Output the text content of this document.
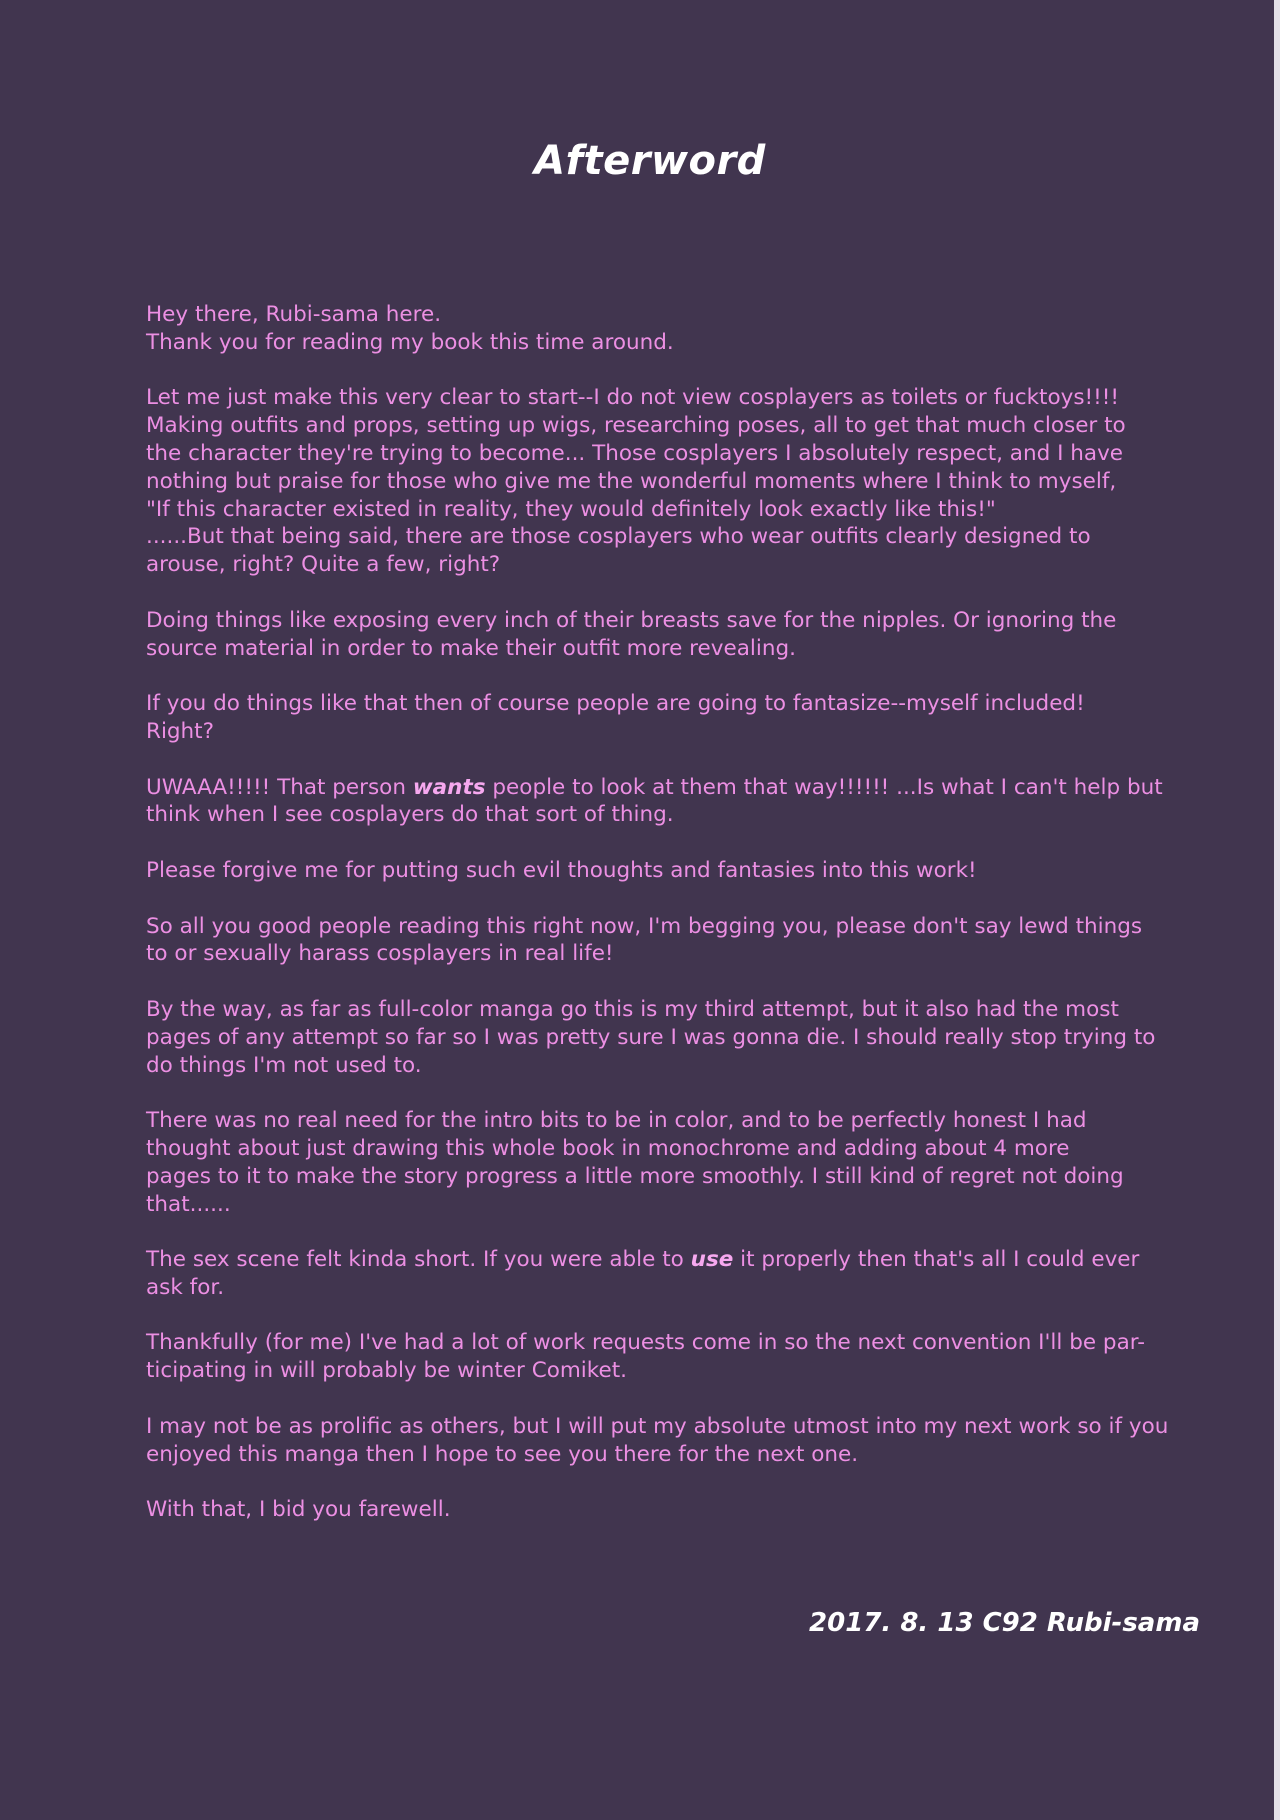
Afterword

Hey there, Rubi-sama here.
Thank you for reading my book this time around.

Let me just make this very clear to start--I do not view cosplayers as toilets or fucktoys!!!!
Making outfits and props, setting up wigs, researching poses, all to get that much closer to
the character they're trying to become... Those cosplayers I absolutely respect, and I have
nothing but praise for those who give me the wonderful moments where I think to myself,
"If this character existed in reality, they would definitely look exactly like this!"
......But that being said, there are those cosplayers who wear outfits clearly designed to
arouse, right? Quite a few, right?

Doing things like exposing every inch of their breasts save for the nipples. Or ignoring the
source material in order to make their outfit more revealing.

If you do things like that then of course people are going to fantasize--myself included!
Right?

UWAAA!!!!! That person wants people to look at them that way!!!!!! ...Is what I can't help but
think when I see cosplayers do that sort of thing.

Please forgive me for putting such evil thoughts and fantasies into this work!

So all you good people reading this right now, I'm begging you, please don't say lewd things
to or sexually harass cosplayers in real life!

By the way, as far as full-color manga go this is my third attempt, but it also had the most
pages of any attempt so far so I was pretty sure I was gonna die. I should really stop trying to
do things I'm not used to.

There was no real need for the intro bits to be in color, and to be perfectly honest I had
thought about just drawing this whole book in monochrome and adding about 4 more
pages to it to make the story progress a little more smoothly. I still kind of regret not doing
that......

The sex scene felt kinda short. If you were able to use it properly then that's all I could ever
ask for.

Thankfully (for me) I've had a lot of work requests come in so the next convention I'll be par-
ticipating in will probably be winter Comiket.

I may not be as prolific as others, but I will put my absolute utmost into my next work so if you
enjoyed this manga then I hope to see you there for the next one.

With that, I bid you farewell.

2017. 8. 13 C92 Rubi-sama
